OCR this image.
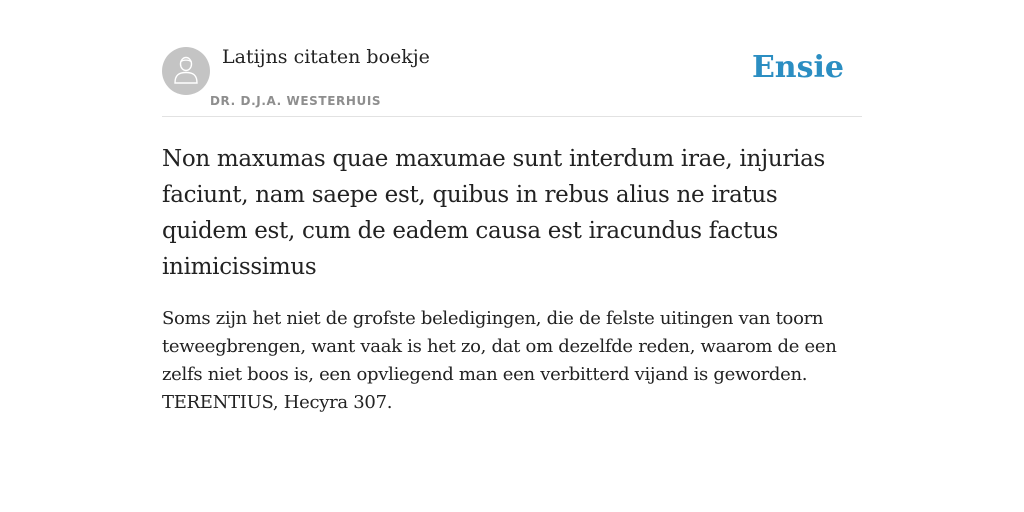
Latijns citaten boekje
DR. D.J.A. WESTERHUIS
Ensie

Non maxumas quae maxumae sunt interdum irae, injurias faciunt, nam saepe est, quibus in rebus alius ne iratus quidem est, cum de eadem causa est iracundus factus inimicissimus

Soms zijn het niet de grofste beledigingen, die de felste uitingen van toorn teweegbrengen, want vaak is het zo, dat om dezelfde reden, waarom de een zelfs niet boos is, een opvliegend man een verbitterd vijand is geworden. TERENTIUS, Hecyra 307.
